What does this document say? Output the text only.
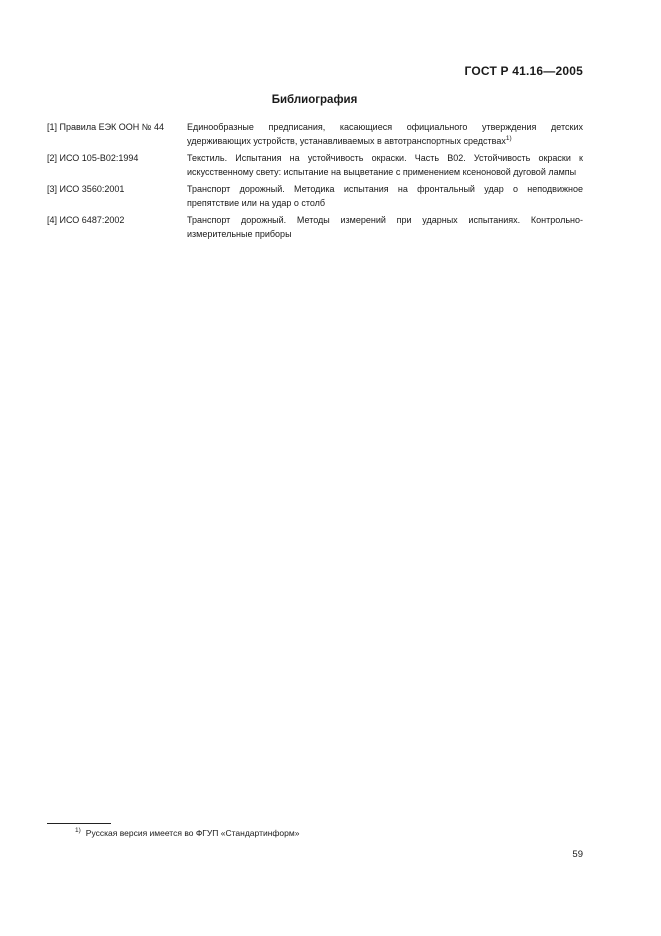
ГОСТ Р 41.16—2005
Библиография
[1] Правила ЕЭК ООН № 44	Единообразные предписания, касающиеся официального утверждения детских удерживающих устройств, устанавливаемых в автотранспортных средствах$^{1)}$
[2] ИСО 105-В02:1994	Текстиль. Испытания на устойчивость окраски. Часть В02. Устойчивость окраски к искусственному свету: испытание на выцветание с применением ксеноновой дуговой лампы
[3] ИСО 3560:2001	Транспорт дорожный. Методика испытания на фронтальный удар о неподвижное препятствие или на удар о столб
[4] ИСО 6487:2002	Транспорт дорожный. Методы измерений при ударных испытаниях. Контрольно-измерительные приборы
$^{1)}$ Русская версия имеется во ФГУП «Стандартинформ»
59
